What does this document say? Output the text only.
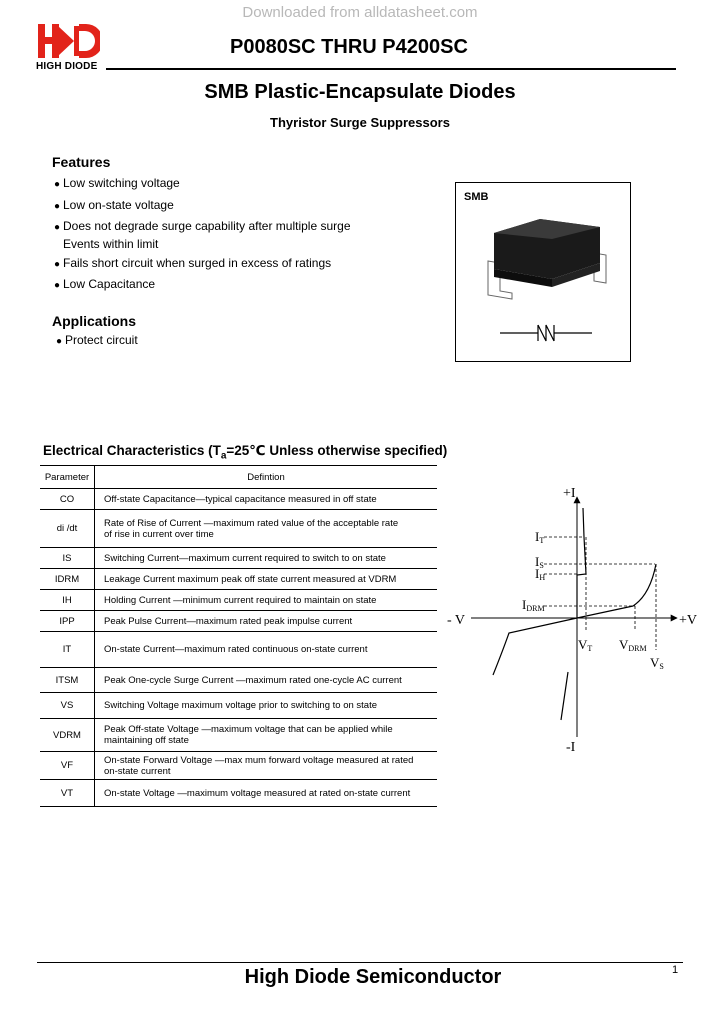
Downloaded from alldatasheet.com
HIGH DIODE
P0080SC THRU P4200SC
SMB Plastic-Encapsulate Diodes
Thyristor Surge Suppressors
Features
● Low switching voltage
● Low on-state voltage
● Does not degrade surge capability after multiple surge
Events within limit
● Fails short circuit when surged in excess of ratings
● Low Capacitance
Applications
● Protect circuit
SMB
Electrical Characteristics ($T_a=25℃$ Unless otherwise specified)
Parameter	Defintion
CO	Off-state Capacitance—typical capacitance measured in off state
di /dt	Rate of Rise of Current —maximum rated value of the acceptable rate
of rise in current over time

IS	Switching Current—maximum current required to switch to on state
IDRM	Leakage Current maximum peak off state current measured at VDRM
IH	Holding Current —minimum current required to maintain on state
IPP	Peak Pulse Current—maximum rated peak impulse current
IT	On-state Current—maximum rated continuous on-state current
ITSM	Peak One-cycle Surge Current —maximum rated one-cycle AC current
VS	Switching Voltage maximum voltage prior to switching to on state
VDRM	Peak Off-state Voltage —maximum voltage that can be applied while
maintaining off state

VF	On-state Forward Voltage —max mum forward voltage measured at rated
on-state current

VT	On-state Voltage —maximum voltage measured at rated on-state current
+I
-I
- V	+V
IT
IS
IH
IDRM
VT VDRM
VS
High Diode Semiconductor	1
